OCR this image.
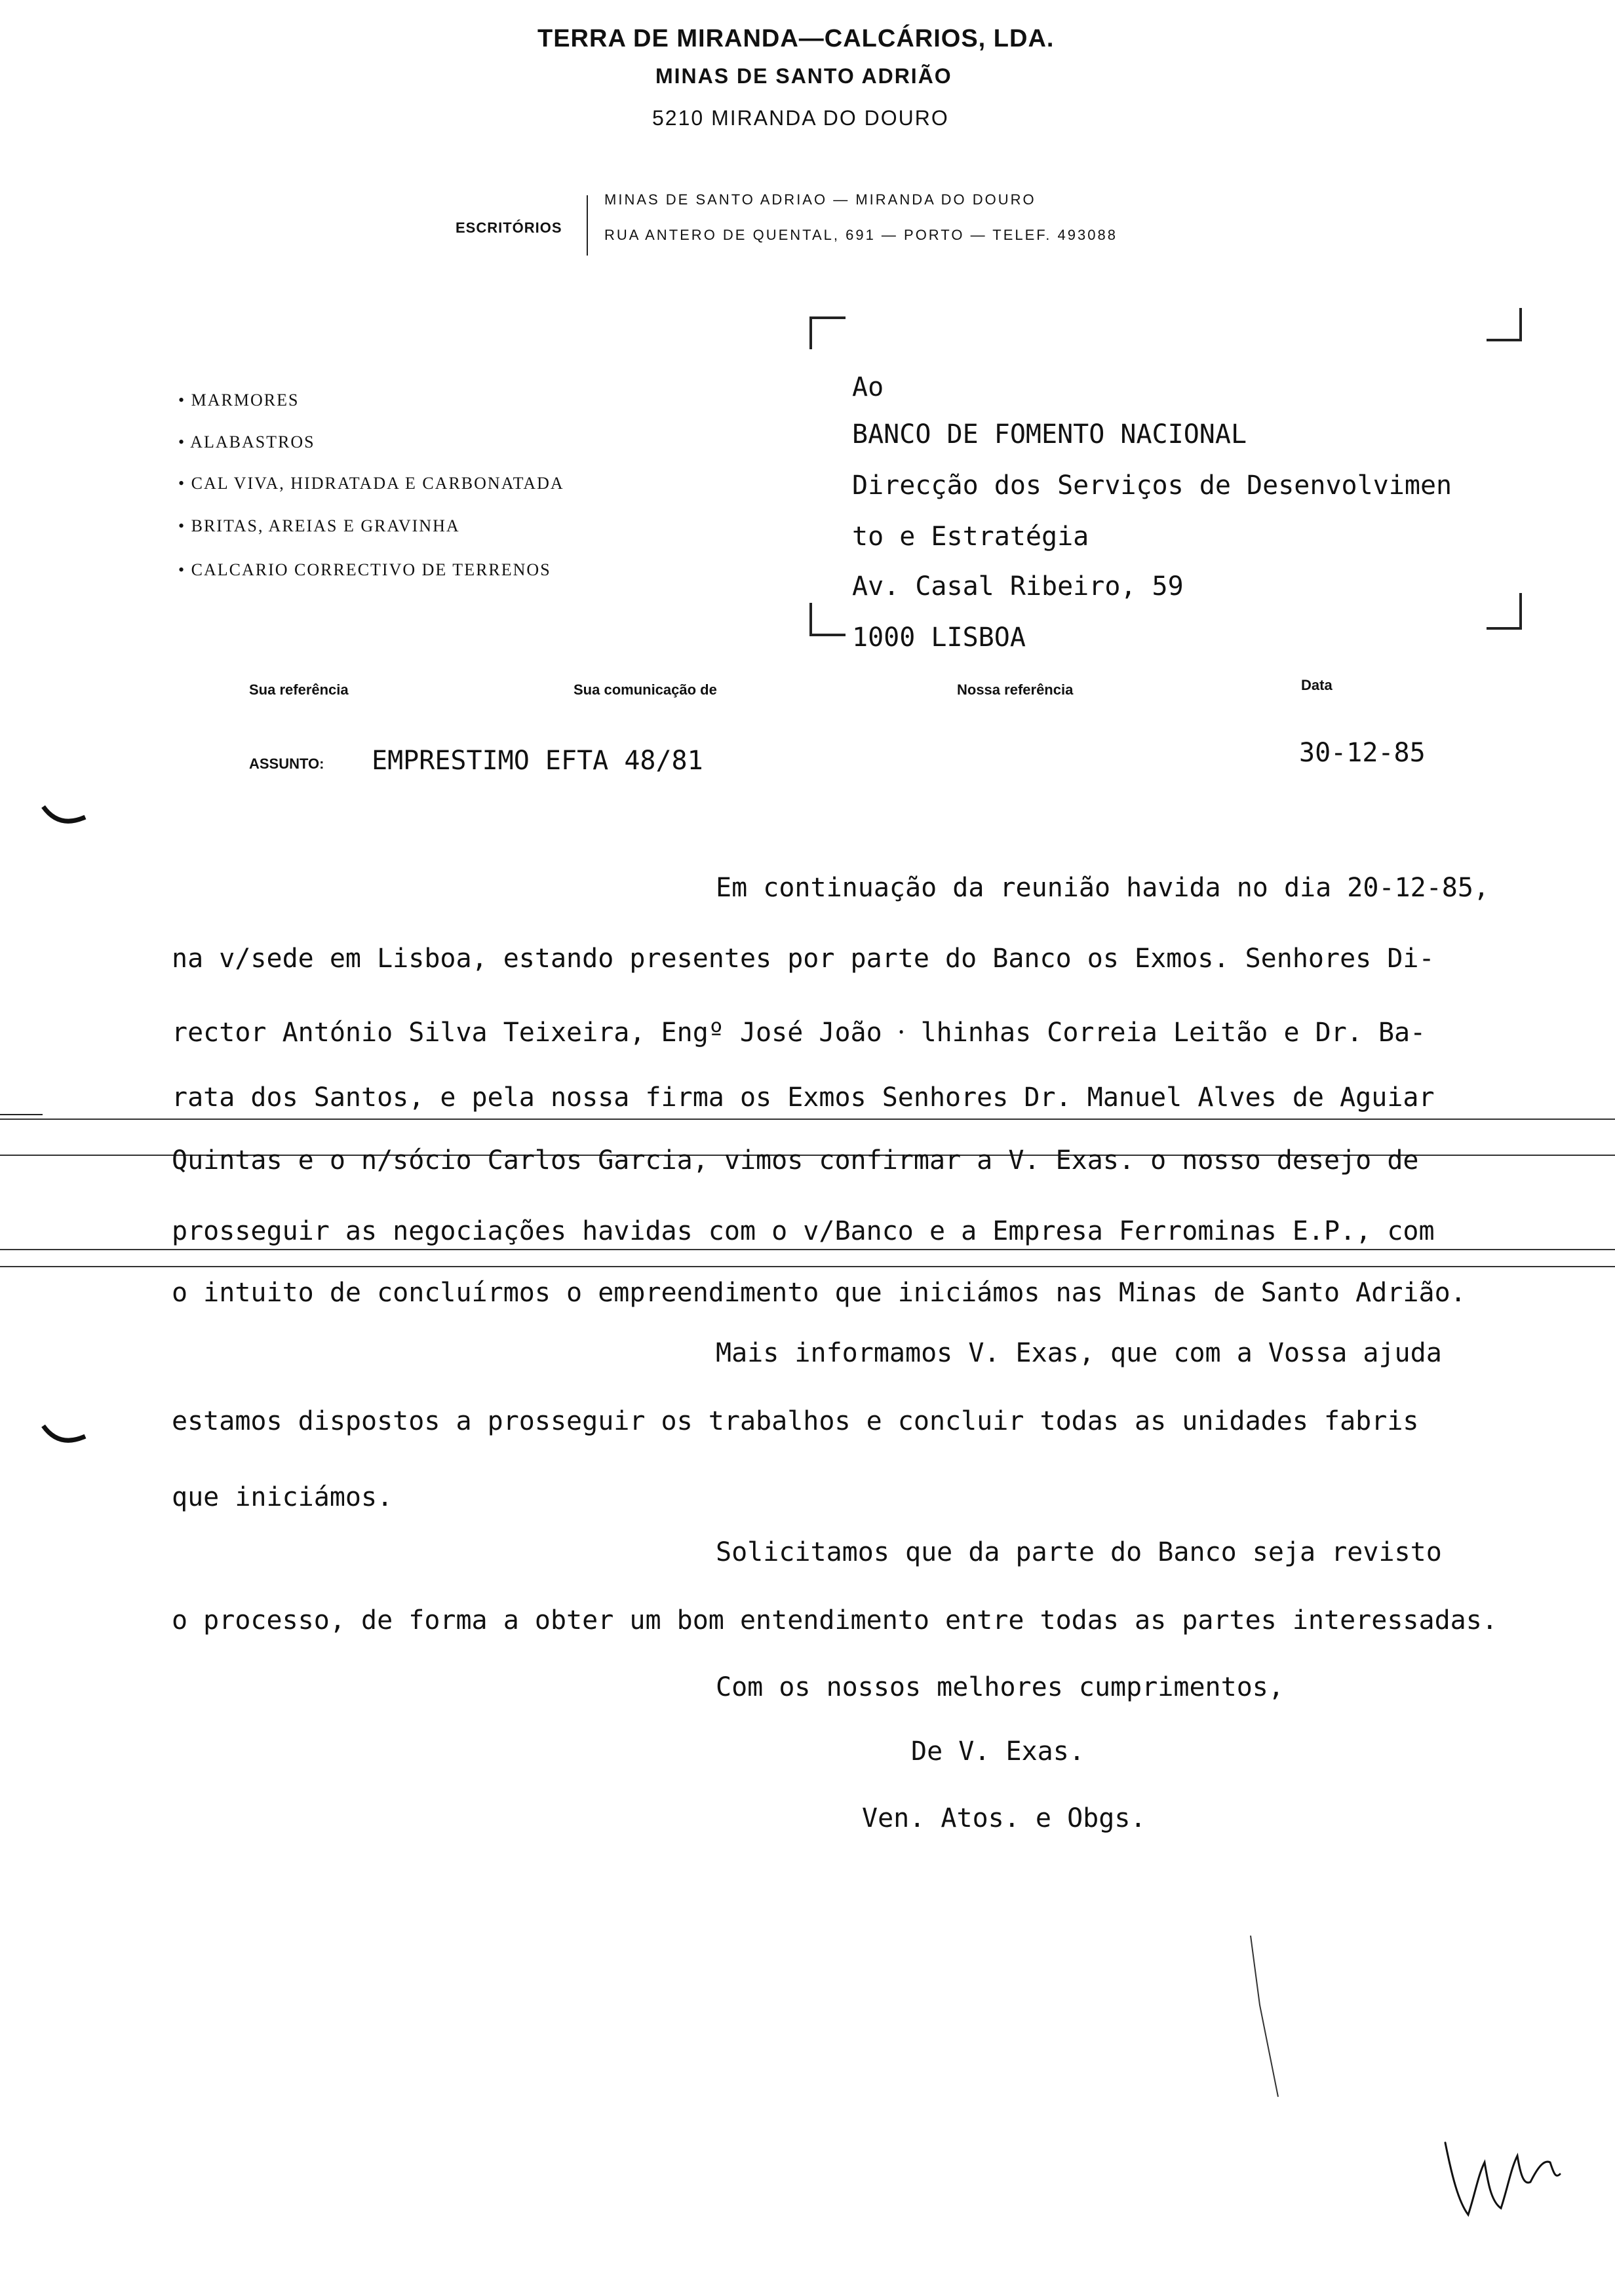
TERRA DE MIRANDA—CALCÁRIOS, LDA.
MINAS DE SANTO ADRIÃO
5210 MIRANDA DO DOURO
ESCRITÓRIOS
MINAS DE SANTO ADRIAO — MIRANDA DO DOURO
RUA ANTERO DE QUENTAL, 691 — PORTO — TELEF. 493088
• MARMORES
• ALABASTROS
• CAL VIVA, HIDRATADA E CARBONATADA
• BRITAS, AREIAS E GRAVINHA
• CALCARIO CORRECTIVO DE TERRENOS
Ao
BANCO DE FOMENTO NACIONAL
Direcção dos Serviços de Desenvolvimen
to e Estratégia
Av. Casal Ribeiro, 59
1000 LISBOA
Sua referência	Sua comunicação de	Nossa referência	Data
ASSUNTO: EMPRESTIMO EFTA 48/81	30-12-85
Em continuação da reunião havida no dia 20-12-85,
na v/sede em Lisboa, estando presentes por parte do Banco os Exmos. Senhores Di-
rector António Silva Teixeira, Engº José João ⸱ lhinhas Correia Leitão e Dr. Ba-
rata dos Santos, e pela nossa firma os Exmos Senhores Dr. Manuel Alves de Aguiar
Quintas e o n/sócio Carlos Garcia, vimos confirmar a V. Exas. o nosso desejo de
prosseguir as negociações havidas com o v/Banco e a Empresa Ferrominas E.P., com
o intuito de concluírmos o empreendimento que iniciámos nas Minas de Santo Adrião.
Mais informamos V. Exas, que com a Vossa ajuda
estamos dispostos a prosseguir os trabalhos e concluir todas as unidades fabris
que iniciámos.
Solicitamos que da parte do Banco seja revisto
o processo, de forma a obter um bom entendimento entre todas as partes interessadas.
Com os nossos melhores cumprimentos,
De V. Exas.
Ven. Atos. e Obgs.
